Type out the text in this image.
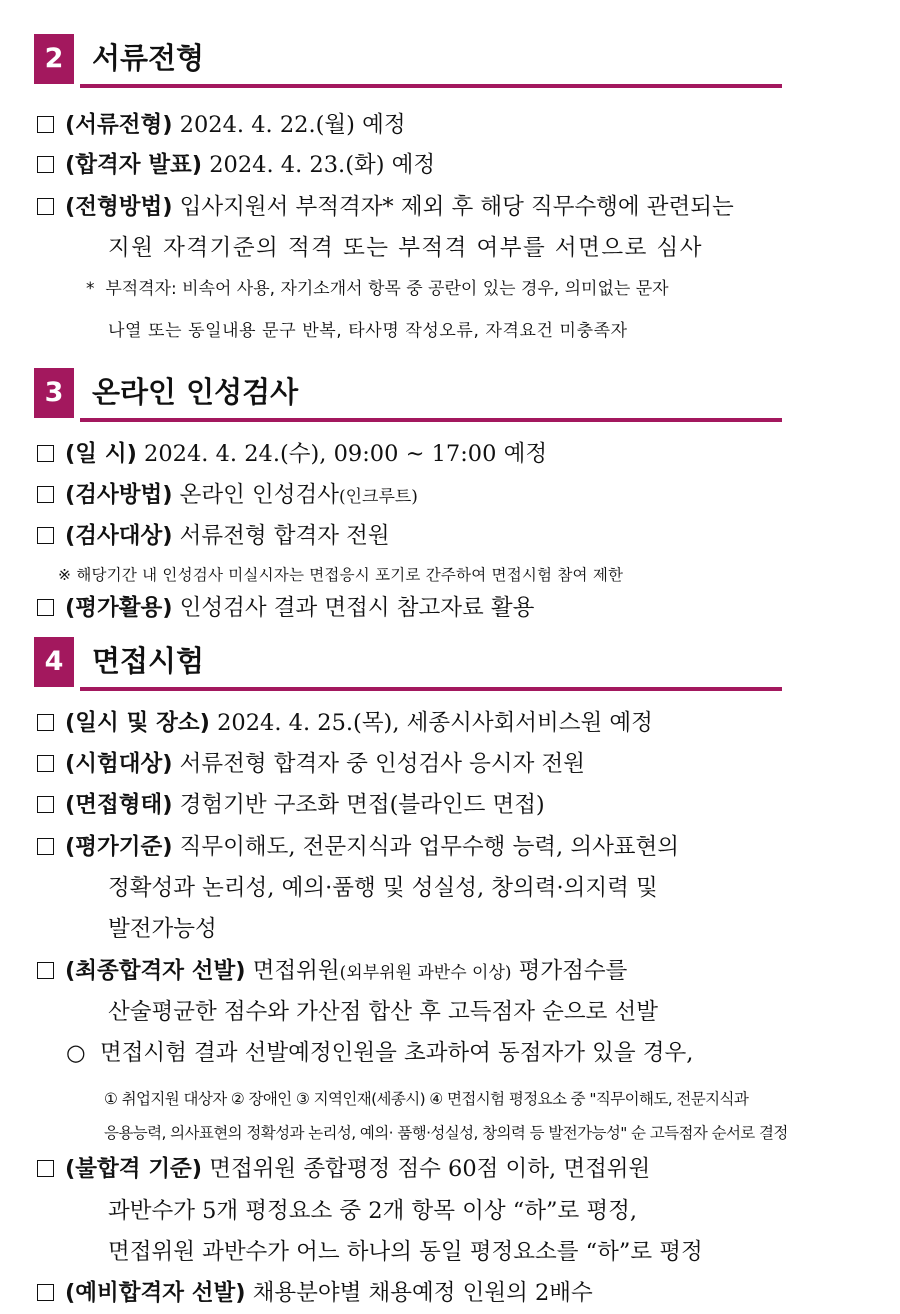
2 서류전형
(서류전형) 2024. 4. 22.(월) 예정
(합격자 발표) 2024. 4. 23.(화) 예정
(전형방법) 입사지원서 부적격자* 제외 후 해당 직무수행에 관련되는
지원 자격기준의 적격 또는 부적격 여부를 서면으로 심사
* 부적격자: 비속어 사용, 자기소개서 항목 중 공란이 있는 경우, 의미없는 문자
나열 또는 동일내용 문구 반복, 타사명 작성오류, 자격요건 미충족자
3 온라인 인성검사
(일 시) 2024. 4. 24.(수), 09:00 ~ 17:00 예정
(검사방법) 온라인 인성검사(인크루트)
(검사대상) 서류전형 합격자 전원
※ 해당기간 내 인성검사 미실시자는 면접응시 포기로 간주하여 면접시험 참여 제한
(평가활용) 인성검사 결과 면접시 참고자료 활용
4 면접시험
(일시 및 장소) 2024. 4. 25.(목), 세종시사회서비스원 예정
(시험대상) 서류전형 합격자 중 인성검사 응시자 전원
(면접형태) 경험기반 구조화 면접(블라인드 면접)
(평가기준) 직무이해도, 전문지식과 업무수행 능력, 의사표현의
정확성과 논리성, 예의·품행 및 성실성, 창의력·의지력 및
발전가능성
(최종합격자 선발) 면접위원(외부위원 과반수 이상) 평가점수를
산술평균한 점수와 가산점 합산 후 고득점자 순으로 선발
○ 면접시험 결과 선발예정인원을 초과하여 동점자가 있을 경우,
① 취업지원 대상자 ② 장애인 ③ 지역인재(세종시) ④ 면접시험 평정요소 중 "직무이해도, 전문지식과
응용능력, 의사표현의 정확성과 논리성, 예의· 품행·성실성, 창의력 등 발전가능성" 순 고득점자 순서로 결정
(불합격 기준) 면접위원 종합평정 점수 60점 이하, 면접위원
과반수가 5개 평정요소 중 2개 항목 이상 “하”로 평정,
면접위원 과반수가 어느 하나의 동일 평정요소를 “하”로 평정
(예비합격자 선발) 채용분야별 채용예정 인원의 2배수
